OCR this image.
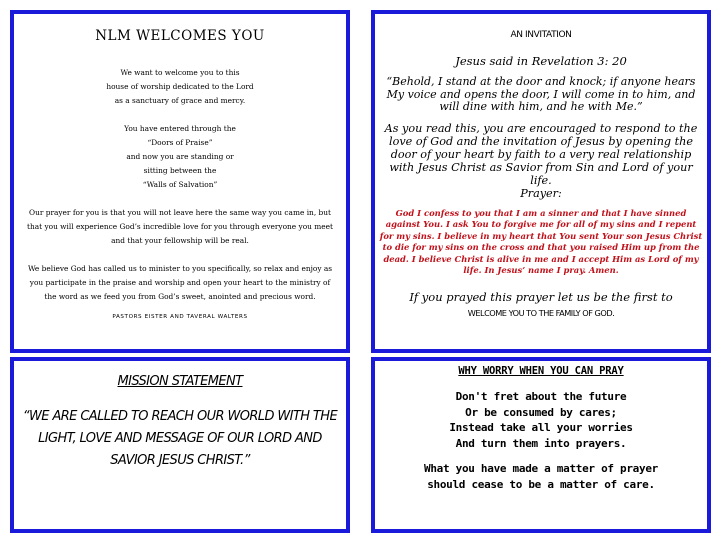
NLM WELCOMES YOU
We want to welcome you to this
house of worship dedicated to the Lord
as a sanctuary of grace and mercy.
You have entered through the
“Doors of Praise”
and now you are standing or
sitting between the
“Walls of Salvation”
Our prayer for you is that you will not leave here the same way you came in, but that you will experience God’s incredible love for you through everyone you meet and that your fellowship will be real.
We believe God has called us to minister to you specifically, so relax and enjoy as you participate in the praise and worship and open your heart to the ministry of the word as we feed you from God’s sweet, anointed and precious word.
PASTORS EISTER AND TAVERAL WALTERS
AN INVITATION
Jesus said in Revelation 3: 20
“Behold, I stand at the door and knock; if anyone hears My voice and opens the door, I will come in to him, and will dine with him, and he with Me.”
As you read this, you are encouraged to respond to the love of God and the invitation of Jesus by opening the door of your heart by faith to a very real relationship with Jesus Christ as Savior from Sin and Lord of your life.
Prayer:
God I confess to you that I am a sinner and that I have sinned against You. I ask You to forgive me for all of my sins and I repent for my sins. I believe in my heart that You sent Your son Jesus Christ to die for my sins on the cross and that you raised Him up from the dead. I believe Christ is alive in me and I accept Him as Lord of my life. In Jesus’ name I pray. Amen.
If you prayed this prayer let us be the first to
WELCOME YOU TO THE FAMILY OF GOD.
MISSION STATEMENT
“WE ARE CALLED TO REACH OUR WORLD WITH THE LIGHT, LOVE AND MESSAGE OF OUR LORD AND SAVIOR JESUS CHRIST.”
WHY WORRY WHEN YOU CAN PRAY
Don't fret about the future
Or be consumed by cares;
Instead take all your worries
And turn them into prayers.
What you have made a matter of prayer
should cease to be a matter of care.
